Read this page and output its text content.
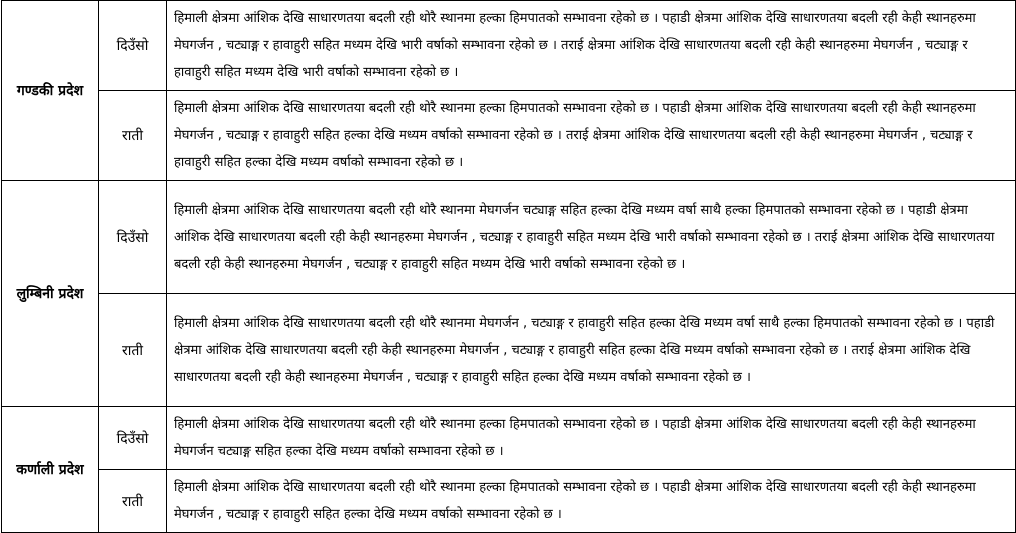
गण्डकी प्रदेश	दिउँसो	हिमाली क्षेत्रमा आंशिक देखि साधारणतया बदली रही थोरै स्थानमा हल्का हिमपातको सम्भावना रहेको छ । पहाडी क्षेत्रमा आंशिक देखि साधारणतया बदली रही केही स्थानहरुमा मेघगर्जन , चट्याङ्ग र हावाहुरी सहित मध्यम देखि भारी वर्षाको सम्भावना रहेको छ । तराई क्षेत्रमा आंशिक देखि साधारणतया बदली रही केही स्थानहरुमा मेघगर्जन , चट्याङ्ग र हावाहुरी सहित मध्यम देखि भारी वर्षाको सम्भावना रहेको छ ।
	राती	हिमाली क्षेत्रमा आंशिक देखि साधारणतया बदली रही थोरै स्थानमा हल्का हिमपातको सम्भावना रहेको छ । पहाडी क्षेत्रमा आंशिक देखि साधारणतया बदली रही केही स्थानहरुमा मेघगर्जन , चट्याङ्ग र हावाहुरी सहित हल्का देखि मध्यम वर्षाको सम्भावना रहेको छ । तराई क्षेत्रमा आंशिक देखि साधारणतया बदली रही केही स्थानहरुमा मेघगर्जन , चट्याङ्ग र हावाहुरी सहित हल्का देखि मध्यम वर्षाको सम्भावना रहेको छ ।
लुम्बिनी प्रदेश	दिउँसो	हिमाली क्षेत्रमा आंशिक देखि साधारणतया बदली रही थोरै स्थानमा मेघगर्जन चट्याङ्ग सहित हल्का देखि मध्यम वर्षा साथै हल्का हिमपातको सम्भावना रहेको छ । पहाडी क्षेत्रमा आंशिक देखि साधारणतया बदली रही केही स्थानहरुमा मेघगर्जन , चट्याङ्ग र हावाहुरी सहित मध्यम देखि भारी वर्षाको सम्भावना रहेको छ । तराई क्षेत्रमा आंशिक देखि साधारणतया बदली रही केही स्थानहरुमा मेघगर्जन , चट्याङ्ग र हावाहुरी सहित मध्यम देखि भारी वर्षाको सम्भावना रहेको छ ।
	राती	हिमाली क्षेत्रमा आंशिक देखि साधारणतया बदली रही थोरै स्थानमा मेघगर्जन , चट्याङ्ग र हावाहुरी सहित हल्का देखि मध्यम वर्षा साथै हल्का हिमपातको सम्भावना रहेको छ । पहाडी क्षेत्रमा आंशिक देखि साधारणतया बदली रही केही स्थानहरुमा मेघगर्जन , चट्याङ्ग र हावाहुरी सहित हल्का देखि मध्यम वर्षाको सम्भावना रहेको छ । तराई क्षेत्रमा आंशिक देखि साधारणतया बदली रही केही स्थानहरुमा मेघगर्जन , चट्याङ्ग र हावाहुरी सहित हल्का देखि मध्यम वर्षाको सम्भावना रहेको छ ।
कर्णाली प्रदेश	दिउँसो	हिमाली क्षेत्रमा आंशिक देखि साधारणतया बदली रही थोरै स्थानमा हल्का हिमपातको सम्भावना रहेको छ । पहाडी क्षेत्रमा आंशिक देखि साधारणतया बदली रही केही स्थानहरुमा मेघगर्जन चट्याङ्ग सहित हल्का देखि मध्यम वर्षाको सम्भावना रहेको छ ।
	राती	हिमाली क्षेत्रमा आंशिक देखि साधारणतया बदली रही थोरै स्थानमा हल्का हिमपातको सम्भावना रहेको छ । पहाडी क्षेत्रमा आंशिक देखि साधारणतया बदली रही केही स्थानहरुमा मेघगर्जन , चट्याङ्ग र हावाहुरी सहित हल्का देखि मध्यम वर्षाको सम्भावना रहेको छ ।
